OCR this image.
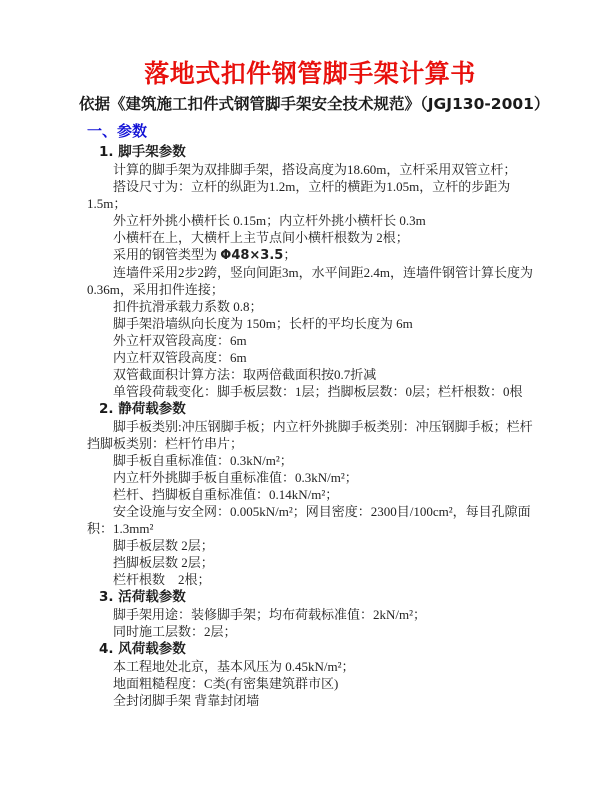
落地式扣件钢管脚手架计算书
依据《建筑施工扣件式钢管脚手架安全技术规范》（JGJ130-2001）
一、参数
1. 脚手架参数

计算的脚手架为双排脚手架，搭设高度为18.60m，立杆采用双管立杆；

搭设尺寸为：立杆的纵距为1.2m，立杆的横距为1.05m，立杆的步距为1.5m；

外立杆外挑小横杆长 0.15m；内立杆外挑小横杆长 0.3m

小横杆在上，大横杆上主节点间小横杆根数为 2根；

采用的钢管类型为 Φ48×3.5；

连墙件采用2步2跨，竖向间距3m，水平间距2.4m，连墙件钢管计算长度为0.36m，采用扣件连接；

扣件抗滑承载力系数 0.8；

脚手架沿墙纵向长度为 150m；长杆的平均长度为 6m

外立杆双管段高度：6m

内立杆双管段高度：6m

双管截面积计算方法：取两倍截面积按0.7折减

单管段荷载变化：脚手板层数：1层；挡脚板层数：0层；栏杆根数：0根

2. 静荷载参数

脚手板类别:冲压钢脚手板；内立杆外挑脚手板类别：冲压钢脚手板；栏杆挡脚板类别：栏杆竹串片；

脚手板自重标准值：0.3kN/m²；

内立杆外挑脚手板自重标准值：0.3kN/m²；

栏杆、挡脚板自重标准值：0.14kN/m²；

安全设施与安全网：0.005kN/m²；网目密度：2300目/100cm²，每目孔隙面积：1.3mm²

脚手板层数 2层；

挡脚板层数 2层；

栏杆根数    2根；

3. 活荷载参数

脚手架用途：装修脚手架；均布荷载标准值：2kN/m²；

同时施工层数：2层；

4. 风荷载参数

本工程地处北京，基本风压为 0.45kN/m²；

地面粗糙程度：C类(有密集建筑群市区)

全封闭脚手架 背靠封闭墙
